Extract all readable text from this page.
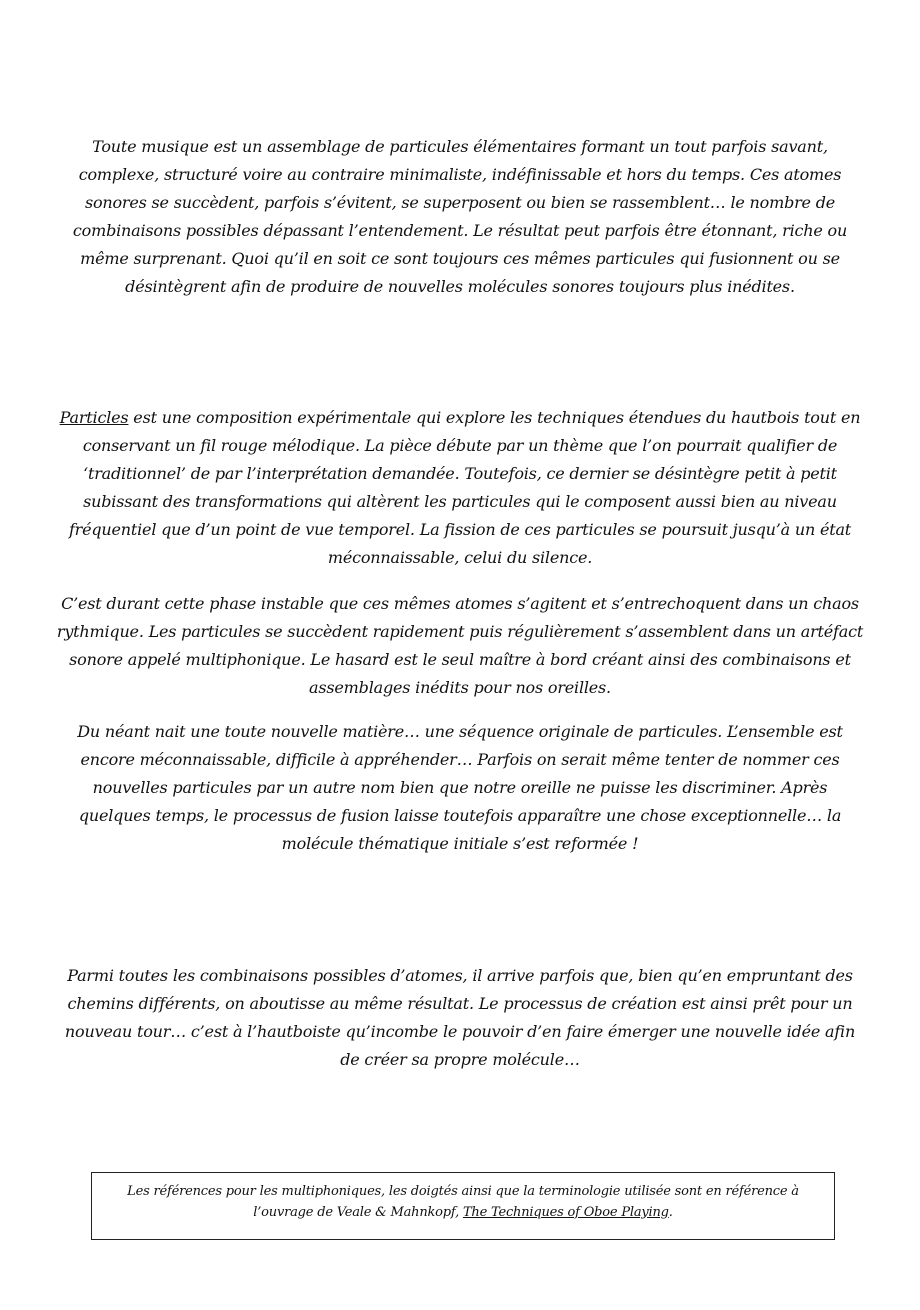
Toute musique est un assemblage de particules élémentaires formant un tout parfois savant, complexe, structuré voire au contraire minimaliste, indéfinissable et hors du temps. Ces atomes sonores se succèdent, parfois s’évitent, se superposent ou bien se rassemblent… le nombre de combinaisons possibles dépassant l’entendement. Le résultat peut parfois être étonnant, riche ou même surprenant. Quoi qu’il en soit ce sont toujours ces mêmes particules qui fusionnent ou se désintègrent afin de produire de nouvelles molécules sonores toujours plus inédites.

Particles est une composition expérimentale qui explore les techniques étendues du hautbois tout en conservant un fil rouge mélodique. La pièce débute par un thème que l’on pourrait qualifier de ‘traditionnel’ de par l’interprétation demandée. Toutefois, ce dernier se désintègre petit à petit subissant des transformations qui altèrent les particules qui le composent aussi bien au niveau fréquentiel que d’un point de vue temporel. La fission de ces particules se poursuit jusqu’à un état méconnaissable, celui du silence.

C’est durant cette phase instable que ces mêmes atomes s’agitent et s’entrechoquent dans un chaos rythmique. Les particules se succèdent rapidement puis régulièrement s’assemblent dans un artéfact sonore appelé multiphonique. Le hasard est le seul maître à bord créant ainsi des combinaisons et assemblages inédits pour nos oreilles.

Du néant nait une toute nouvelle matière… une séquence originale de particules. L’ensemble est encore méconnaissable, difficile à appréhender… Parfois on serait même tenter de nommer ces nouvelles particules par un autre nom bien que notre oreille ne puisse les discriminer. Après quelques temps, le processus de fusion laisse toutefois apparaître une chose exceptionnelle… la molécule thématique initiale s’est reformée !

Parmi toutes les combinaisons possibles d’atomes, il arrive parfois que, bien qu’en empruntant des chemins différents, on aboutisse au même résultat. Le processus de création est ainsi prêt pour un nouveau tour… c’est à l’hautboiste qu’incombe le pouvoir d’en faire émerger une nouvelle idée afin de créer sa propre molécule…

Les références pour les multiphoniques, les doigtés ainsi que la terminologie utilisée sont en référence à l’ouvrage de Veale & Mahnkopf, The Techniques of Oboe Playing.
